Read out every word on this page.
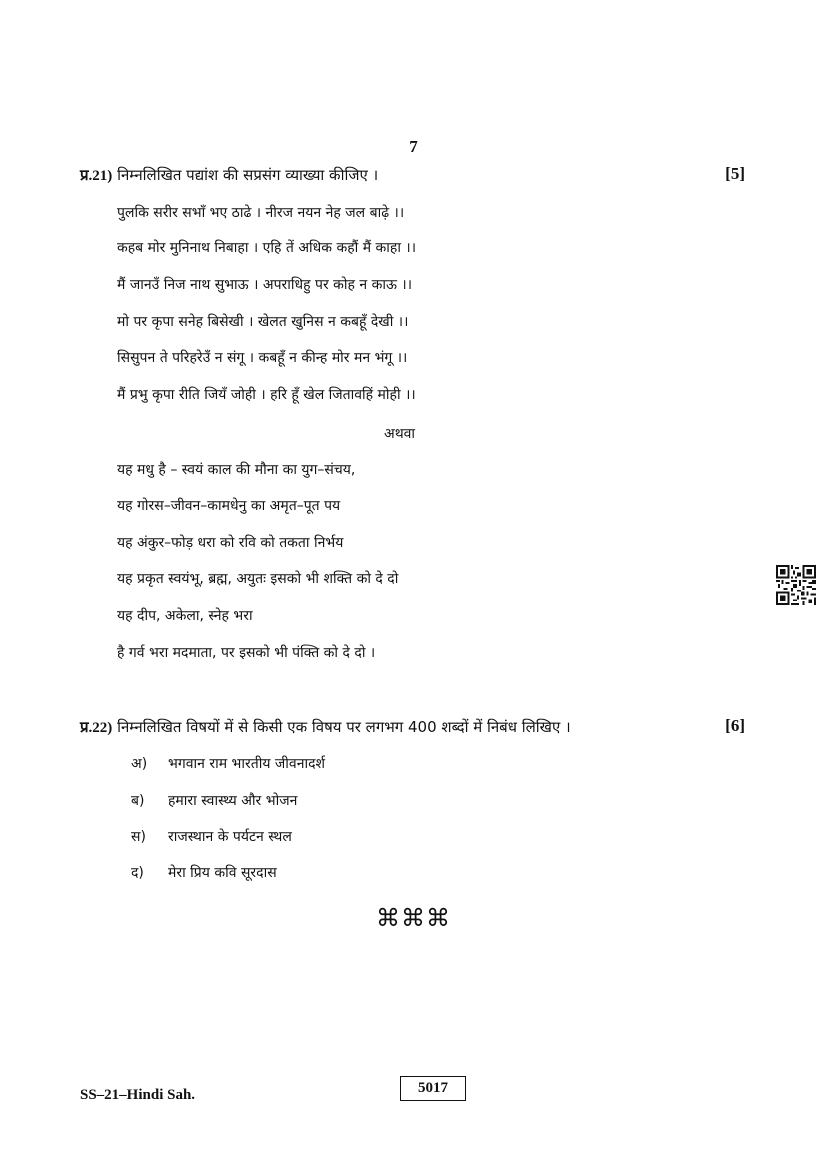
7
प्र.21) निम्नलिखित पद्यांश की सप्रसंग व्याख्या कीजिए ।	[5]
पुलकि सरीर सभाँ भए ठाढे । नीरज नयन नेह जल बाढ़े ।।
कहब मोर मुनिनाथ निबाहा । एहि तें अधिक कहौं मैं काहा ।।
मैं जानउँ निज नाथ सुभाऊ । अपराधिहु पर कोह न काऊ ।।
मो पर कृपा सनेह बिसेखी । खेलत खुनिस न कबहूँ देखी ।।
सिसुपन ते परिहरेउँ न संगू । कबहूँ न कीन्ह मोर मन भंगू ।।
मैं प्रभु कृपा रीति जियँ जोही । हरि हूँ खेल जितावहिं मोही ।।
अथवा
यह मधु है – स्वयं काल की मौना का युग–संचय,
यह गोरस–जीवन–कामधेनु का अमृत–पूत पय
यह अंकुर–फोड़ धरा को रवि को तकता निर्भय
यह प्रकृत स्वयंभू, ब्रह्म, अयुतः इसको भी शक्ति को दे दो
यह दीप, अकेला, स्नेह भरा
है गर्व भरा मदमाता, पर इसको भी पंक्ति को दे दो ।
प्र.22) निम्नलिखित विषयों में से किसी एक विषय पर लगभग 400 शब्दों में निबंध लिखिए ।	[6]
अ) भगवान राम भारतीय जीवनादर्श
ब) हमारा स्वास्थ्य और भोजन
स) राजस्थान के पर्यटन स्थल
द) मेरा प्रिय कवि सूरदास
⌘⌘⌘
SS–21–Hindi Sah.	5017
